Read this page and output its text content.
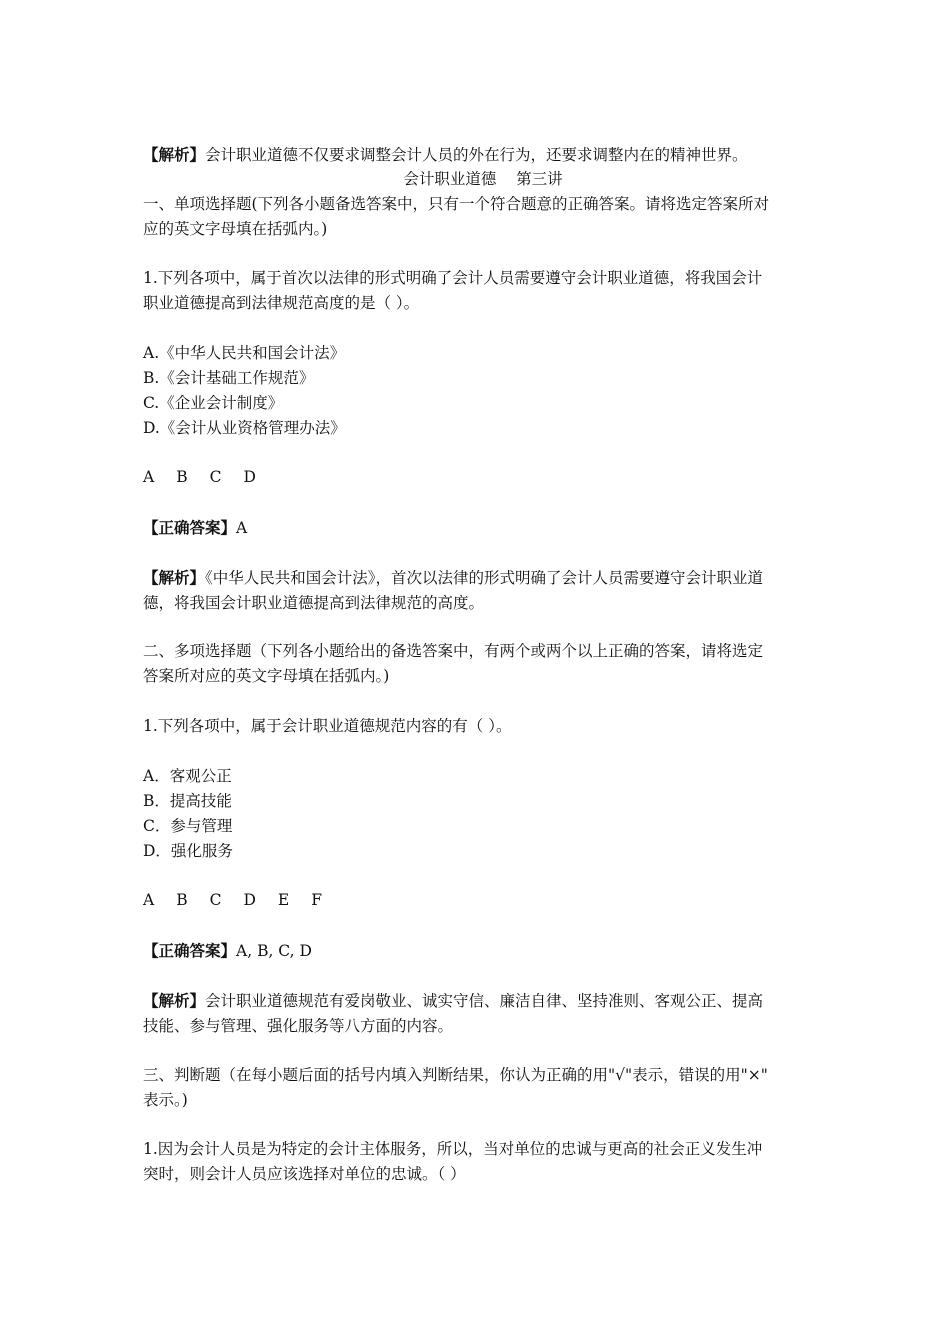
【解析】会计职业道德不仅要求调整会计人员的外在行为，还要求调整内在的精神世界。
会计职业道德    第三讲
一、单项选择题(下列各小题备选答案中，只有一个符合题意的正确答案。请将选定答案所对
应的英文字母填在括弧内。)
1.下列各项中，属于首次以法律的形式明确了会计人员需要遵守会计职业道德，将我国会计
职业道德提高到法律规范高度的是（ ）。
A.《中华人民共和国会计法》
B.《会计基础工作规范》
C.《企业会计制度》
D.《会计从业资格管理办法》
A B C D
【正确答案】A
【解析】《中华人民共和国会计法》，首次以法律的形式明确了会计人员需要遵守会计职业道
德，将我国会计职业道德提高到法律规范的高度。
二、多项选择题（下列各小题给出的备选答案中，有两个或两个以上正确的答案，请将选定
答案所对应的英文字母填在括弧内。)
1.下列各项中，属于会计职业道德规范内容的有（ ）。
A．客观公正
B．提高技能
C．参与管理
D．强化服务
A B C D E F
【正确答案】A, B, C, D
【解析】会计职业道德规范有爱岗敬业、诚实守信、廉洁自律、坚持准则、客观公正、提高
技能、参与管理、强化服务等八方面的内容。
三、判断题（在每小题后面的括号内填入判断结果，你认为正确的用"√"表示，错误的用"×"
表示。)
1.因为会计人员是为特定的会计主体服务，所以，当对单位的忠诚与更高的社会正义发生冲
突时，则会计人员应该选择对单位的忠诚。（ ）
